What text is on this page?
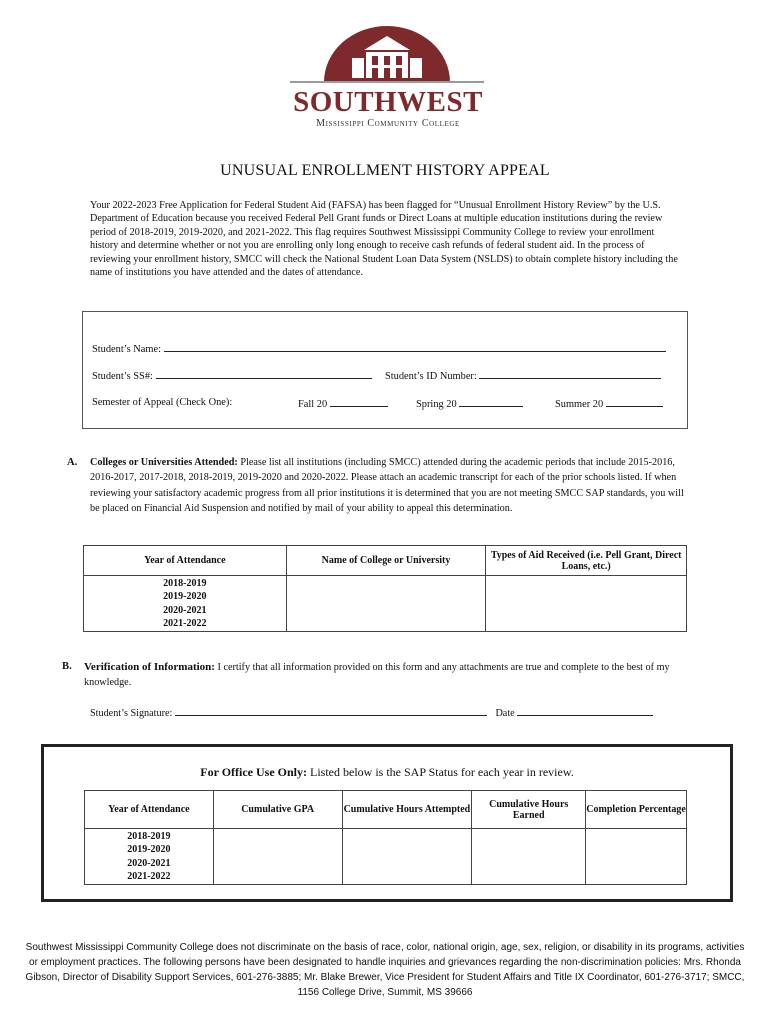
SOUTHWEST
Mississippi Community College
UNUSUAL ENROLLMENT HISTORY APPEAL
Your 2022-2023 Free Application for Federal Student Aid (FAFSA) has been flagged for “Unusual Enrollment History Review” by the U.S. Department of Education because you received Federal Pell Grant funds or Direct Loans at multiple education institutions during the review period of 2018-2019, 2019-2020, and 2021-2022. This flag requires Southwest Mississippi Community College to review your enrollment history and determine whether or not you are enrolling only long enough to receive cash refunds of federal student aid. In the process of reviewing your enrollment history, SMCC will check the National Student Loan Data System (NSLDS) to obtain complete history including the name of institutions you have attended and the dates of attendance.
Student’s Name:
Student’s SS#:	Student’s ID Number:
Semester of Appeal (Check One):	Fall 20	Spring 20	Summer 20
A. Colleges or Universities Attended: Please list all institutions (including SMCC) attended during the academic periods that include 2015-2016, 2016-2017, 2017-2018, 2018-2019, 2019-2020 and 2020-2022. Please attach an academic transcript for each of the prior schools listed. If when reviewing your satisfactory academic progress from all prior institutions it is determined that you are not meeting SMCC SAP standards, you will be placed on Financial Aid Suspension and notified by mail of your ability to appeal this determination.
Year of Attendance	Name of College or University	Types of Aid Received (i.e. Pell Grant, Direct Loans, etc.)

2018-2019
2019-2020
2020-2021
2021-2022		

B. Verification of Information: I certify that all information provided on this form and any attachments are true and complete to the best of my knowledge.
Student’s Signature:	Date
For Office Use Only: Listed below is the SAP Status for each year in review.
Year of Attendance	Cumulative GPA	Cumulative Hours Attempted	Cumulative Hours Earned	Completion Percentage

2018-2019
2019-2020
2020-2021
2021-2022				

Southwest Mississippi Community College does not discriminate on the basis of race, color, national origin, age, sex, religion, or disability in its programs, activities or employment practices. The following persons have been designated to handle inquiries and grievances regarding the non-discrimination policies: Mrs. Rhonda Gibson, Director of Disability Support Services, 601-276-3885; Mr. Blake Brewer, Vice President for Student Affairs and Title IX Coordinator, 601-276-3717; SMCC, 1156 College Drive, Summit, MS 39666
